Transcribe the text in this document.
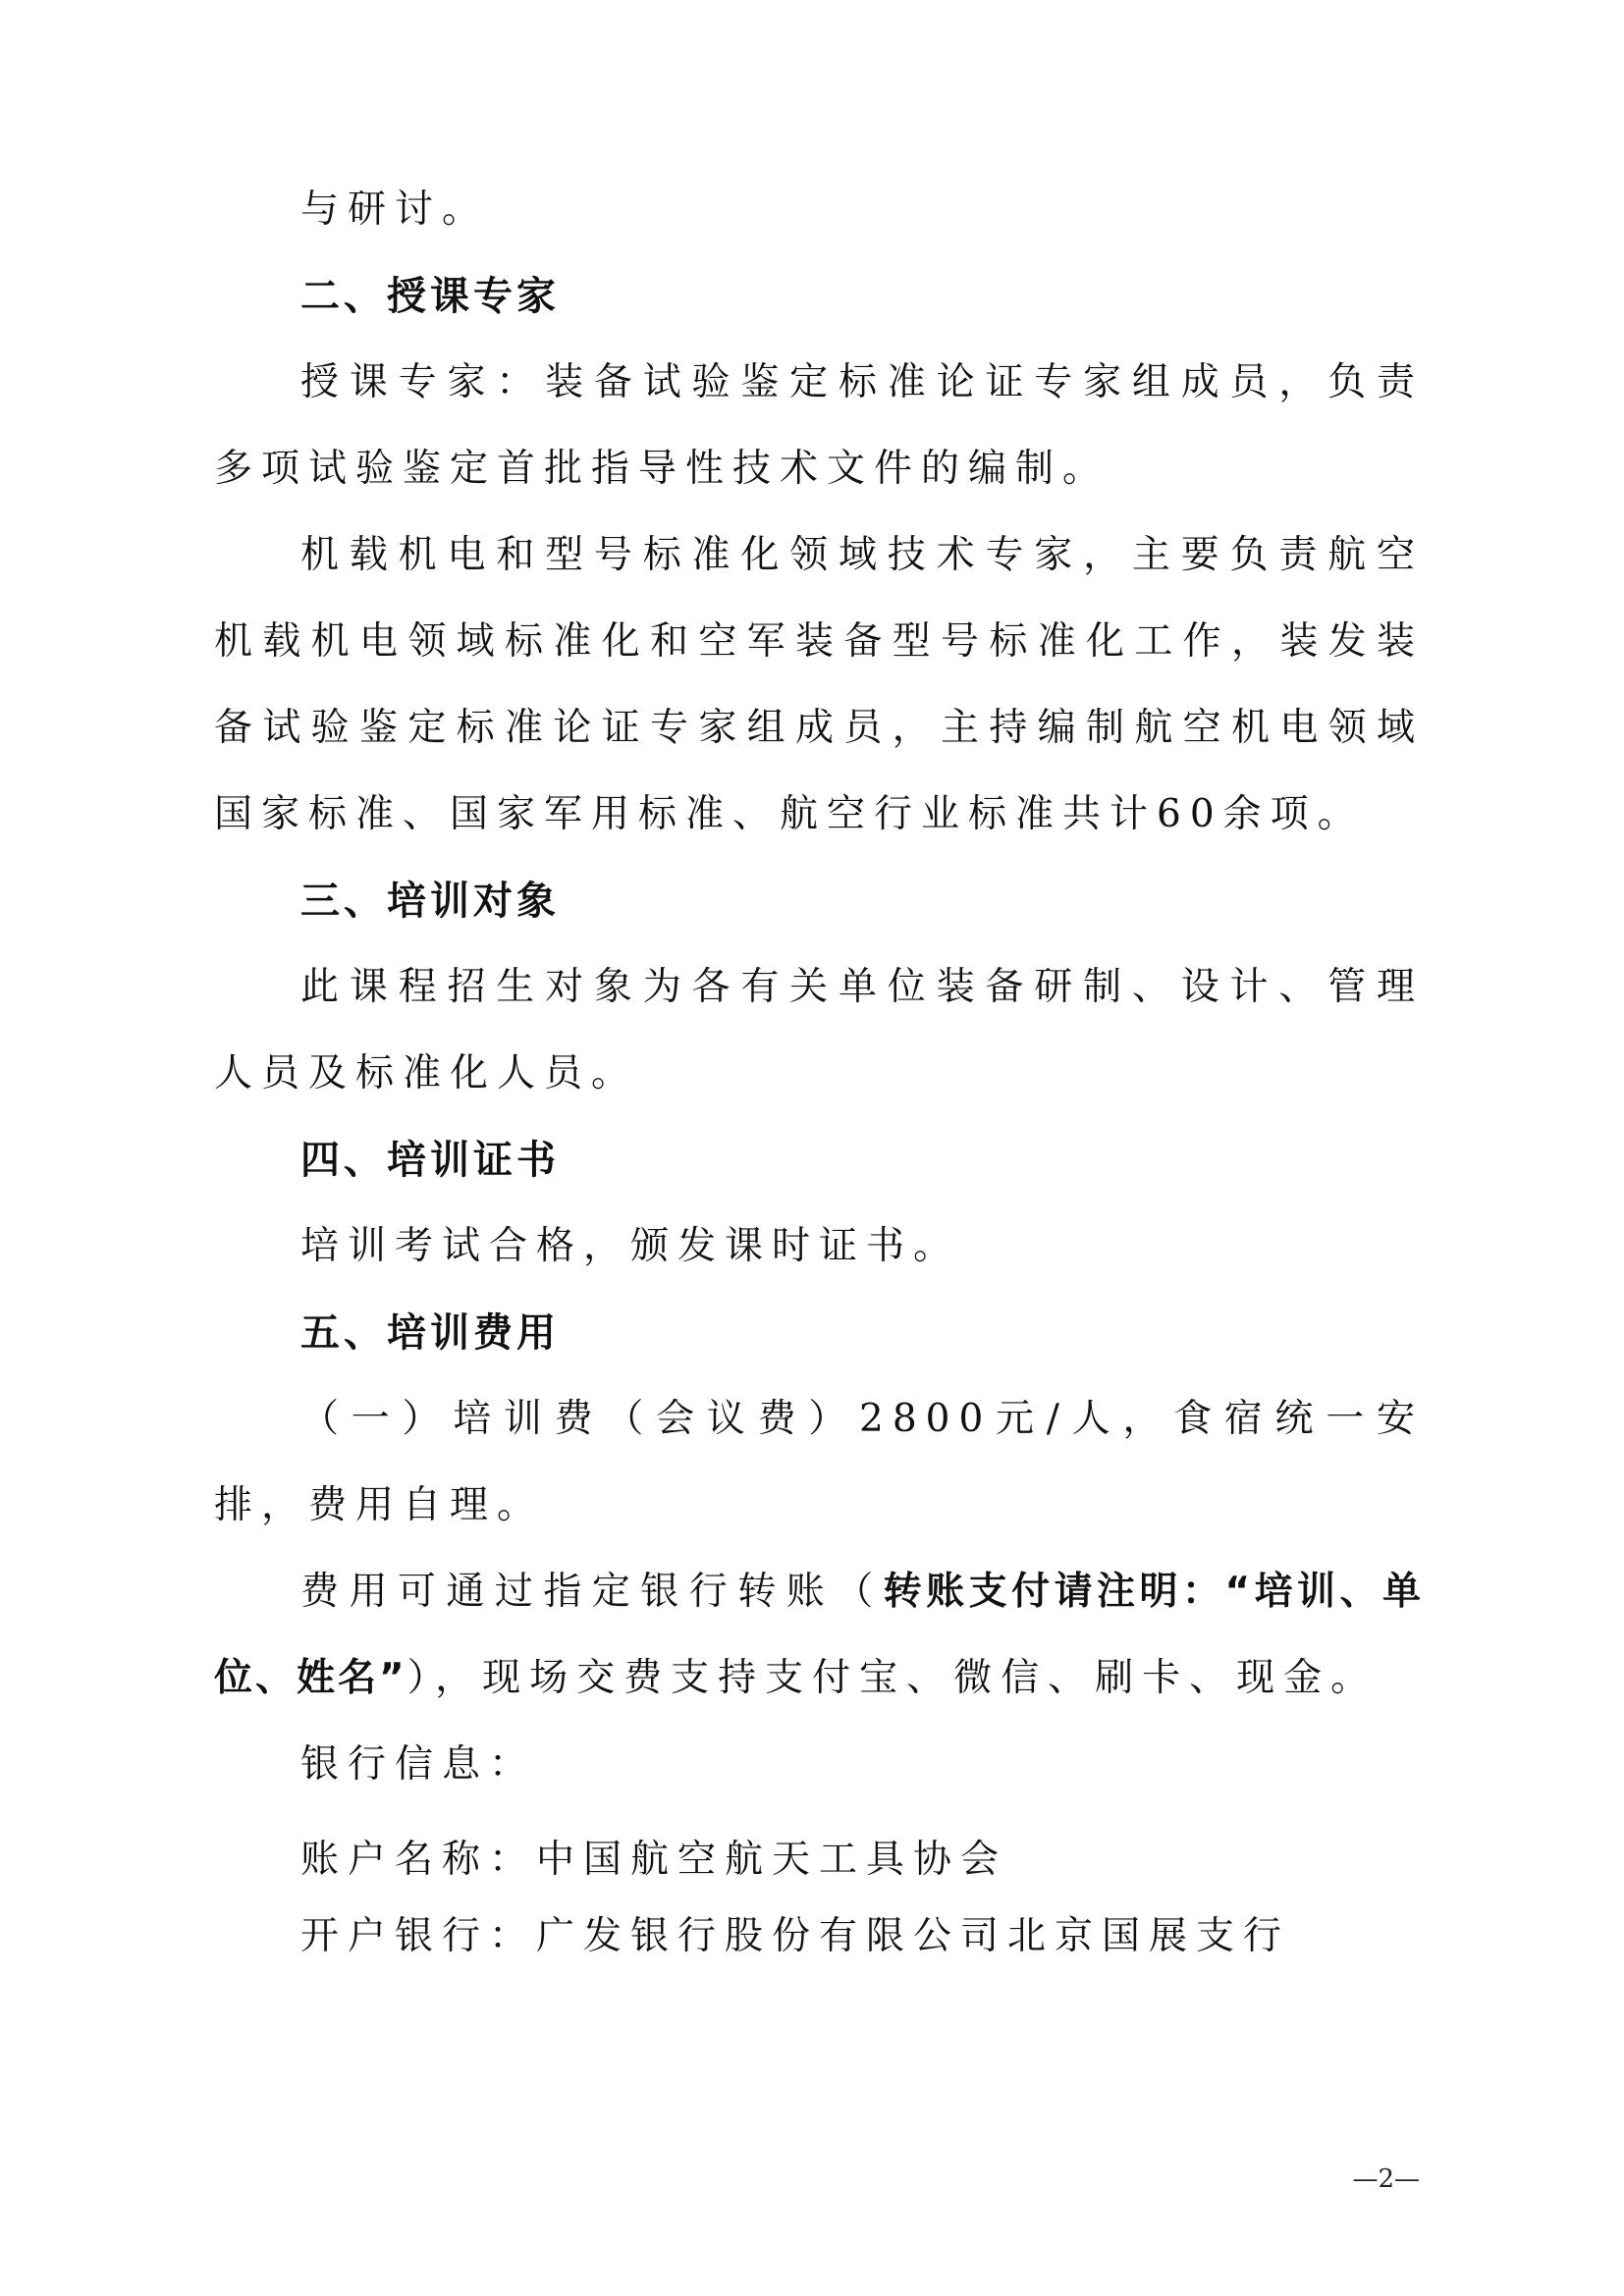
与研讨。

二、授课专家

授课专家：装备试验鉴定标准论证专家组成员，负责多项试验鉴定首批指导性技术文件的编制。

机载机电和型号标准化领域技术专家，主要负责航空机载机电领域标准化和空军装备型号标准化工作，装发装备试验鉴定标准论证专家组成员，主持编制航空机电领域国家标准、国家军用标准、航空行业标准共计60余项。

三、培训对象

此课程招生对象为各有关单位装备研制、设计、管理人员及标准化人员。

四、培训证书

培训考试合格，颁发课时证书。

五、培训费用

（一）培训费（会议费）2800元/人，食宿统一安排，费用自理。

费用可通过指定银行转账（转账支付请注明：“培训、单位、姓名”），现场交费支持支付宝、微信、刷卡、现金。

银行信息：

账户名称：中国航空航天工具协会

开户银行：广发银行股份有限公司北京国展支行

—2—
